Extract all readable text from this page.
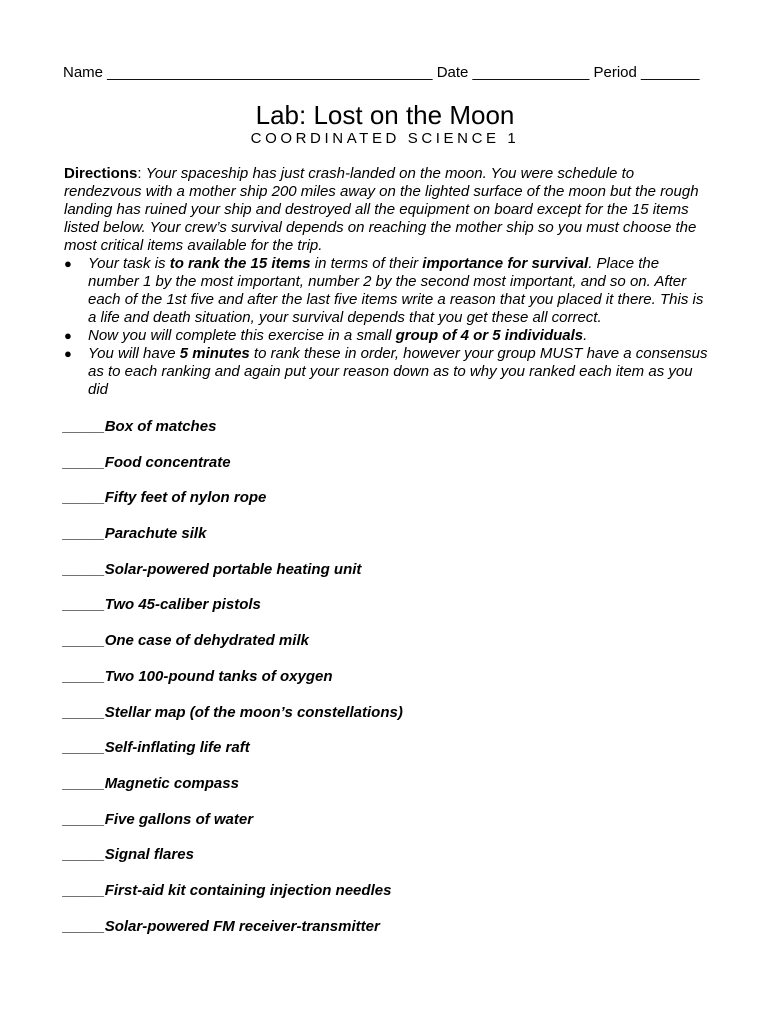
Name _______________________________________ Date ______________ Period _______
Lab: Lost on the Moon
COORDINATED SCIENCE 1

Directions: Your spaceship has just crash-landed on the moon. You were schedule to rendezvous with a mother ship 200 miles away on the lighted surface of the moon but the rough landing has ruined your ship and destroyed all the equipment on board except for the 15 items listed below. Your crew’s survival depends on reaching the mother ship so you must choose the most critical items available for the trip.

● Your task is to rank the 15 items in terms of their importance for survival. Place the number 1 by the most important, number 2 by the second most important, and so on. After each of the 1st five and after the last five items write a reason that you placed it there. This is a life and death situation, your survival depends that you get these all correct.
● Now you will complete this exercise in a small group of 4 or 5 individuals.
● You will have 5 minutes to rank these in order, however your group MUST have a consensus as to each ranking and again put your reason down as to why you ranked each item as you did
_____Box of matches
_____Food concentrate
_____Fifty feet of nylon rope
_____Parachute silk
_____Solar-powered portable heating unit
_____Two 45-caliber pistols
_____One case of dehydrated milk
_____Two 100-pound tanks of oxygen
_____Stellar map (of the moon’s constellations)
_____Self-inflating life raft
_____Magnetic compass
_____Five gallons of water
_____Signal flares
_____First-aid kit containing injection needles
_____Solar-powered FM receiver-transmitter
